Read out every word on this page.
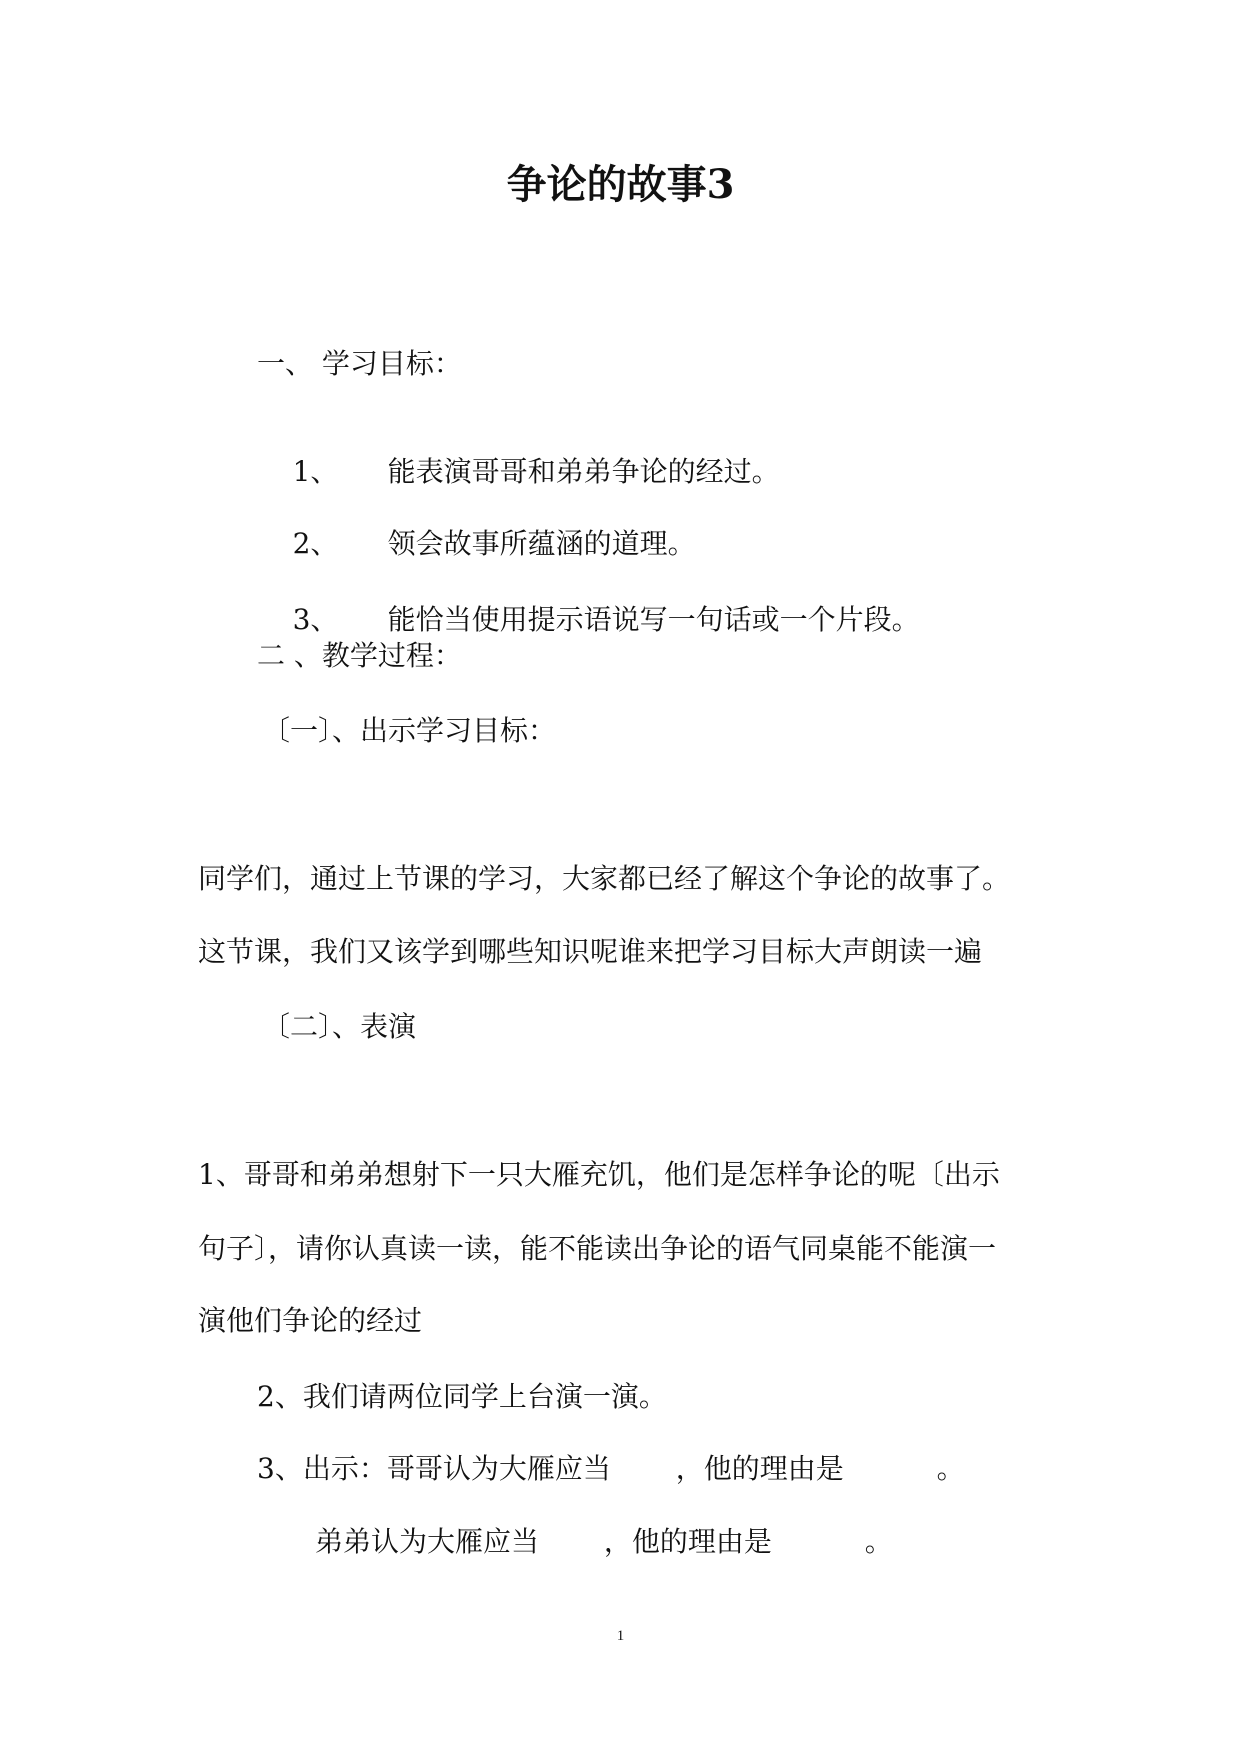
争论的故事3
一、 学习目标：

1、 能表演哥哥和弟弟争论的经过。

2、 领会故事所蕴涵的道理。

3、 能恰当使用提示语说写一句话或一个片段。

二 、教学过程：
〔一〕、出示学习目标：
同学们，通过上节课的学习，大家都已经了解这个争论的故事了。
这节课，我们又该学到哪些知识呢谁来把学习目标大声朗读一遍
〔二〕、表演
1、哥哥和弟弟想射下一只大雁充饥，他们是怎样争论的呢〔出示
句子〕，请你认真读一读，能不能读出争论的语气同桌能不能演一
演他们争论的经过
2、我们请两位同学上台演一演。
3、出示：哥哥认为大雁应当　　 ，他的理由是　　　 。
弟弟认为大雁应当　　 ，他的理由是　　　 。
1
